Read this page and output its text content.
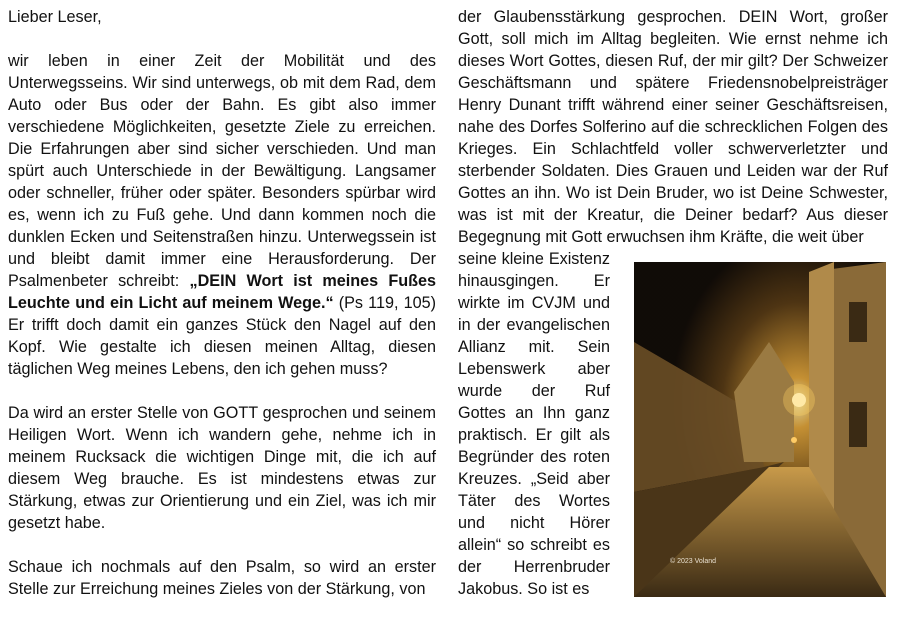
Lieber Leser,

wir leben in einer Zeit der Mobilität und des Unterwegsseins. Wir sind unterwegs, ob mit dem Rad, dem Auto oder Bus oder der Bahn. Es gibt also immer verschiedene Möglichkeiten, gesetzte Ziele zu erreichen. Die Erfahrungen aber sind sicher verschieden. Und man spürt auch Unterschiede in der Bewältigung. Langsamer oder schneller, früher oder später. Besonders spürbar wird es, wenn ich zu Fuß gehe. Und dann kommen noch die dunklen Ecken und Seitenstraßen hinzu. Unterwegssein ist und bleibt damit immer eine Herausforderung. Der Psalmenbeter schreibt: „DEIN Wort ist meines Fußes Leuchte und ein Licht auf meinem Wege.“ (Ps 119, 105) Er trifft doch damit ein ganzes Stück den Nagel auf den Kopf. Wie gestalte ich diesen meinen Alltag, diesen täglichen Weg meines Lebens, den ich gehen muss?

Da wird an erster Stelle von GOTT gesprochen und seinem Heiligen Wort. Wenn ich wandern gehe, nehme ich in meinem Rucksack die wichtigen Dinge mit, die ich auf diesem Weg brauche. Es ist mindestens etwas zur Stärkung, etwas zur Orientierung und ein Ziel, was ich mir gesetzt habe.

Schaue ich nochmals auf den Psalm, so wird an erster Stelle zur Erreichung meines Zieles von der Stärkung, von

der Glaubensstärkung gesprochen. DEIN Wort, großer Gott, soll mich im Alltag begleiten. Wie ernst nehme ich dieses Wort Gottes, diesen Ruf, der mir gilt? Der Schweizer Geschäftsmann und spätere Friedensnobelpreisträger Henry Dunant trifft während einer seiner Geschäftsreisen, nahe des Dorfes Solferino auf die schrecklichen Folgen des Krieges. Ein Schlachtfeld voller schwerverletzter und sterbender Soldaten. Dies Grauen und Leiden war der Ruf Gottes an ihn. Wo ist Dein Bruder, wo ist Deine Schwester, was ist mit der Kreatur, die Deiner bedarf? Aus dieser Begegnung mit Gott erwuchsen ihm Kräfte, die weit über

seine kleine Existenz hinausgingen. Er wirkte im CVJM und in der evangelischen Allianz mit. Sein Lebenswerk aber wurde der Ruf Gottes an Ihn ganz praktisch. Er gilt als Begründer des roten Kreuzes. „Seid aber Täter des Wortes und nicht Hörer allein“ so schreibt es der Herrenbruder Jakobus. So ist es

© 2023 Voland
